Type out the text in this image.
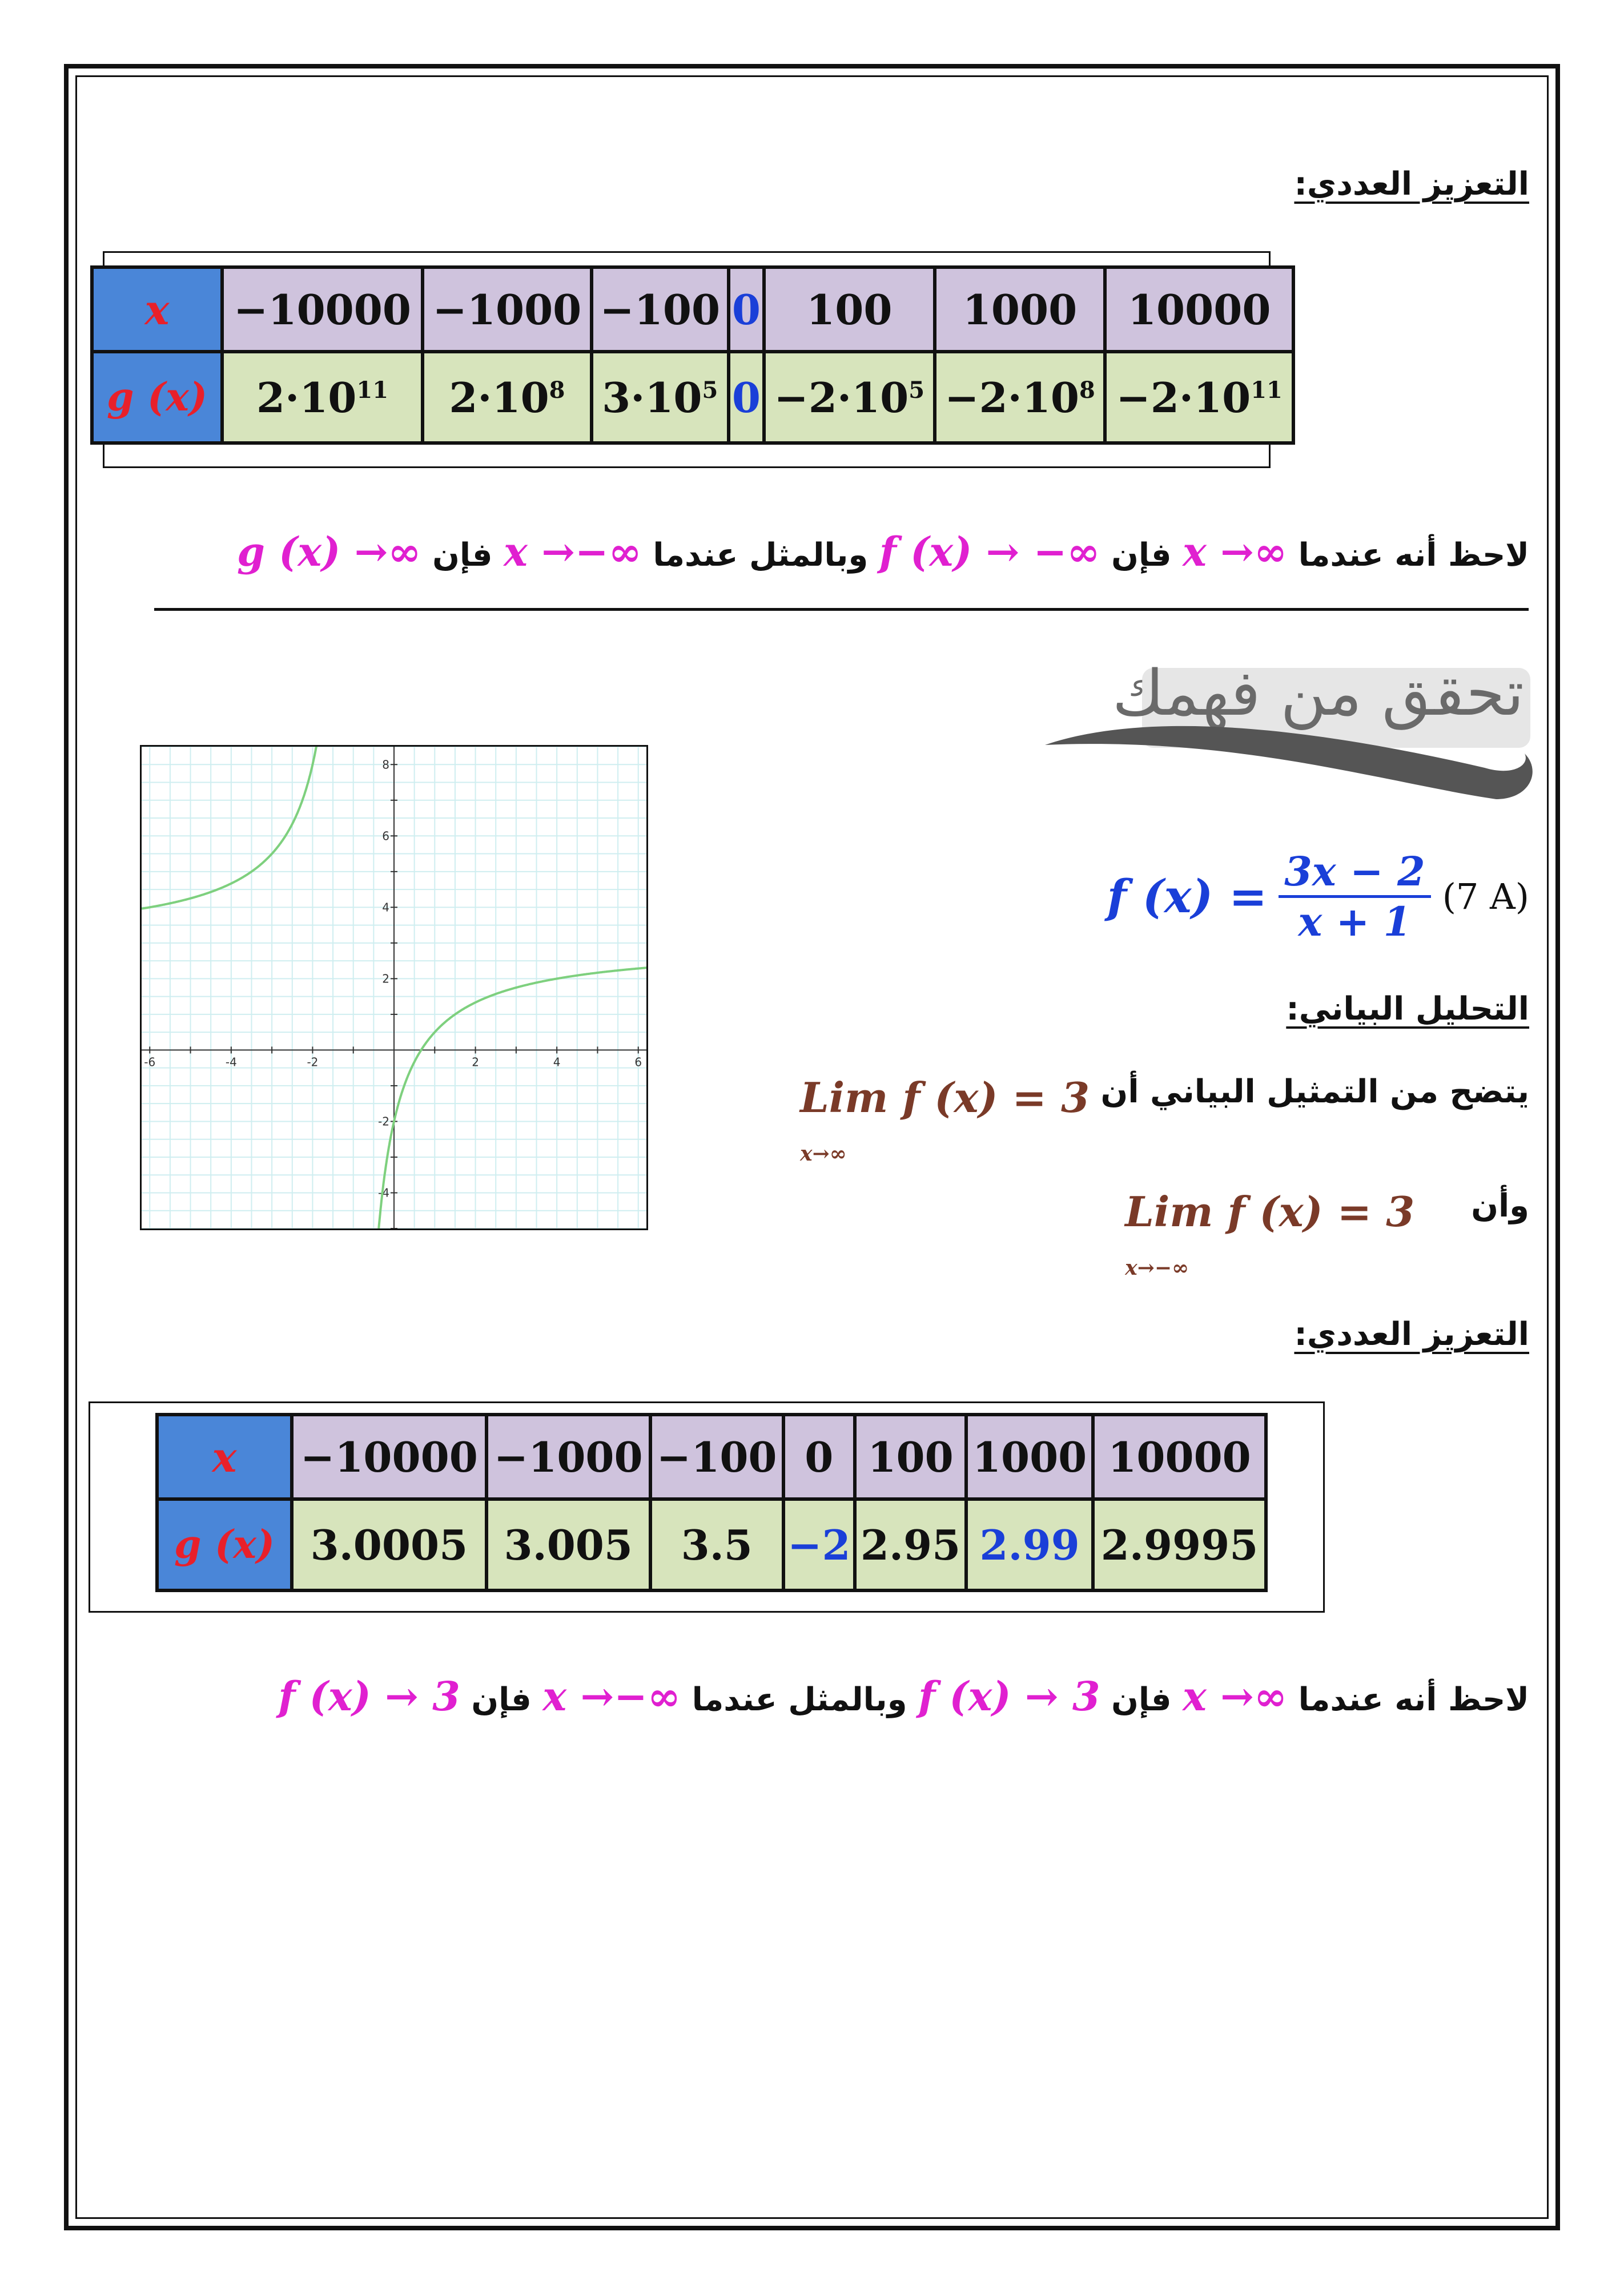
التعزيز العددي:
x	−10000	−1000	−100	0	100	1000	10000
g (x)	$2\cdot 10^{11}$	$2\cdot 10^8$	$3\cdot 10^5$	0	$-2\cdot 10^5$	$-2\cdot 10^8$	$-2\cdot 10^{11}$
لاحظ أنه عندما x →∞ فإن f (x) → −∞ وبالمثل عندما x →−∞ فإن g (x) →∞
تحقق من فهمك
f (x) = 3x − 2
x + 1
(7 A)
التحليل البياني:
يتضح من التمثيل البياني أن Lim f (x) = 3
x→∞
وأن  Lim f (x) = 3
x→−∞
-6	-4	-2	2	4	6
8
6
4
2
-2
-4
التعزيز العددي:
x	−10000	−1000	−100	0	100	1000	10000
g (x)	3.0005	3.005	3.5	−2	2.95	2.99	2.9995
لاحظ أنه عندما x →∞ فإن f (x) → 3 وبالمثل عندما x →−∞ فإن f (x) → 3
